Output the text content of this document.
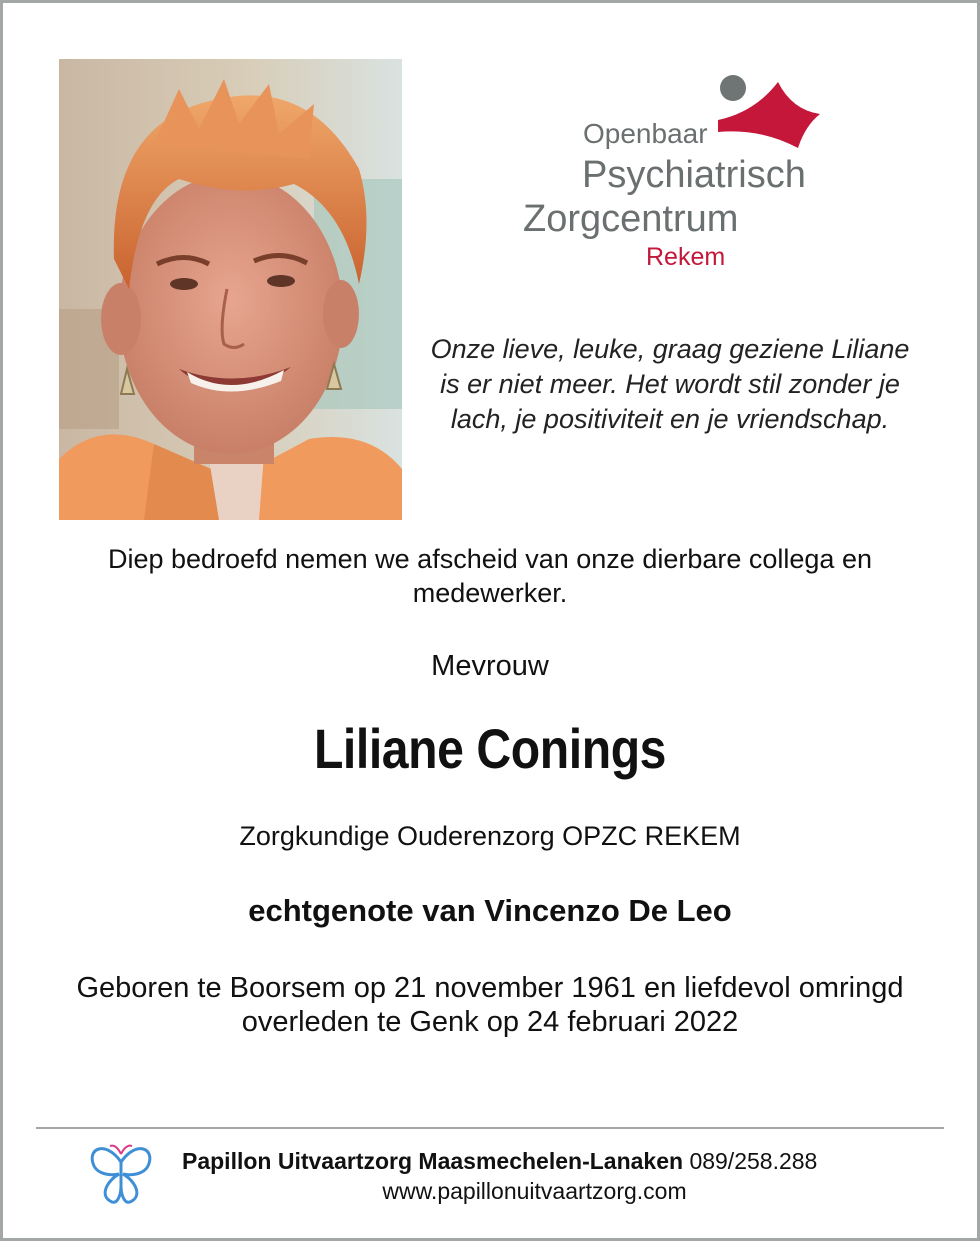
Openbaar
Psychiatrisch
Zorgcentrum
Rekem
Onze lieve, leuke, graag geziene Liliane is er niet meer. Het wordt stil zonder je lach, je positiviteit en je vriendschap.
Diep bedroefd nemen we afscheid van onze dierbare collega en medewerker.
Mevrouw
Liliane Conings
Zorgkundige Ouderenzorg OPZC REKEM
echtgenote van Vincenzo De Leo
Geboren te Boorsem op 21 november 1961 en liefdevol omringd overleden te Genk op 24 februari 2022
Papillon Uitvaartzorg Maasmechelen-Lanaken 089/258.288
www.papillonuitvaartzorg.com
